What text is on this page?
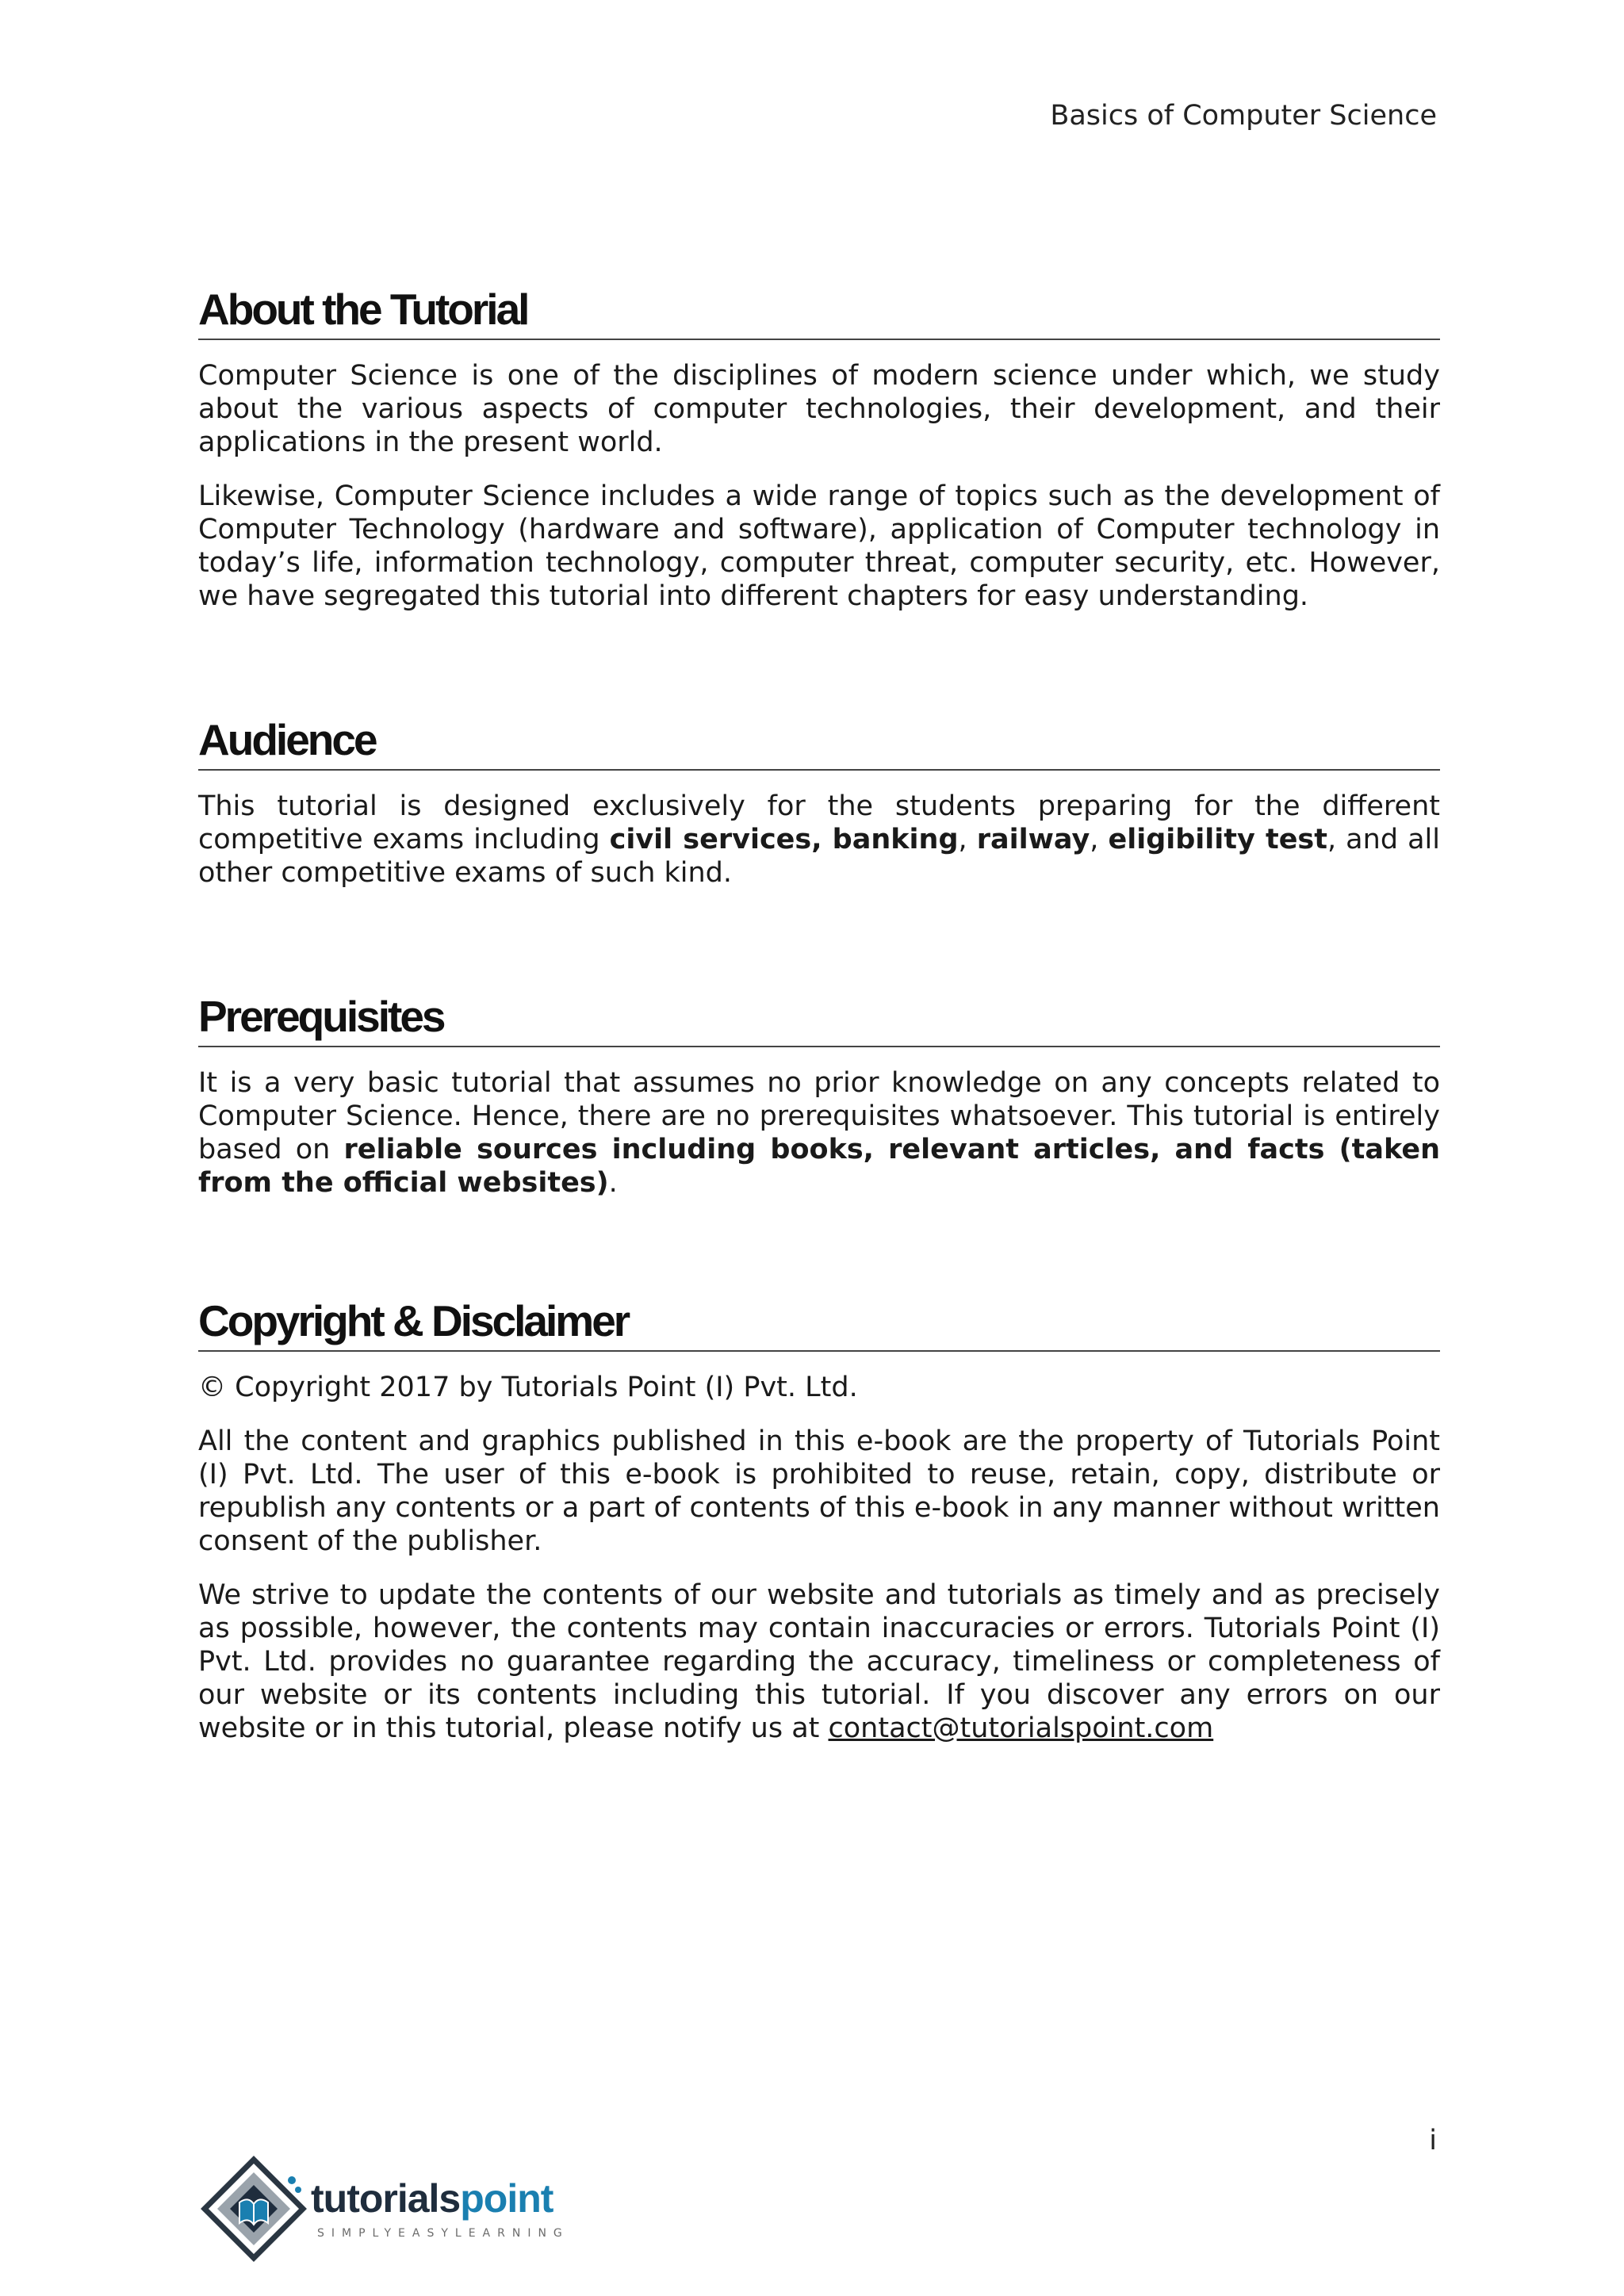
Basics of Computer Science
About the Tutorial

Computer Science is one of the disciplines of modern science under which, we study about the various aspects of computer technologies, their development, and their applications in the present world.

Likewise, Computer Science includes a wide range of topics such as the development of Computer Technology (hardware and software), application of Computer technology in today’s life, information technology, computer threat, computer security, etc. However, we have segregated this tutorial into different chapters for easy understanding.

Audience

This tutorial is designed exclusively for the students preparing for the different competitive exams including civil services, banking, railway, eligibility test, and all other competitive exams of such kind.

Prerequisites

It is a very basic tutorial that assumes no prior knowledge on any concepts related to Computer Science. Hence, there are no prerequisites whatsoever. This tutorial is entirely based on reliable sources including books, relevant articles, and facts (taken from the official websites).

Copyright & Disclaimer

© Copyright 2017 by Tutorials Point (I) Pvt. Ltd.

All the content and graphics published in this e-book are the property of Tutorials Point (I) Pvt. Ltd. The user of this e-book is prohibited to reuse, retain, copy, distribute or republish any contents or a part of contents of this e-book in any manner without written consent of the publisher.

We strive to update the contents of our website and tutorials as timely and as precisely as possible, however, the contents may contain inaccuracies or errors. Tutorials Point (I) Pvt. Ltd. provides no guarantee regarding the accuracy, timeliness or completeness of our website or its contents including this tutorial. If you discover any errors on our website or in this tutorial, please notify us at contact@tutorialspoint.com

i
tutorialspoint
SIMPLYEASYLEARNING
